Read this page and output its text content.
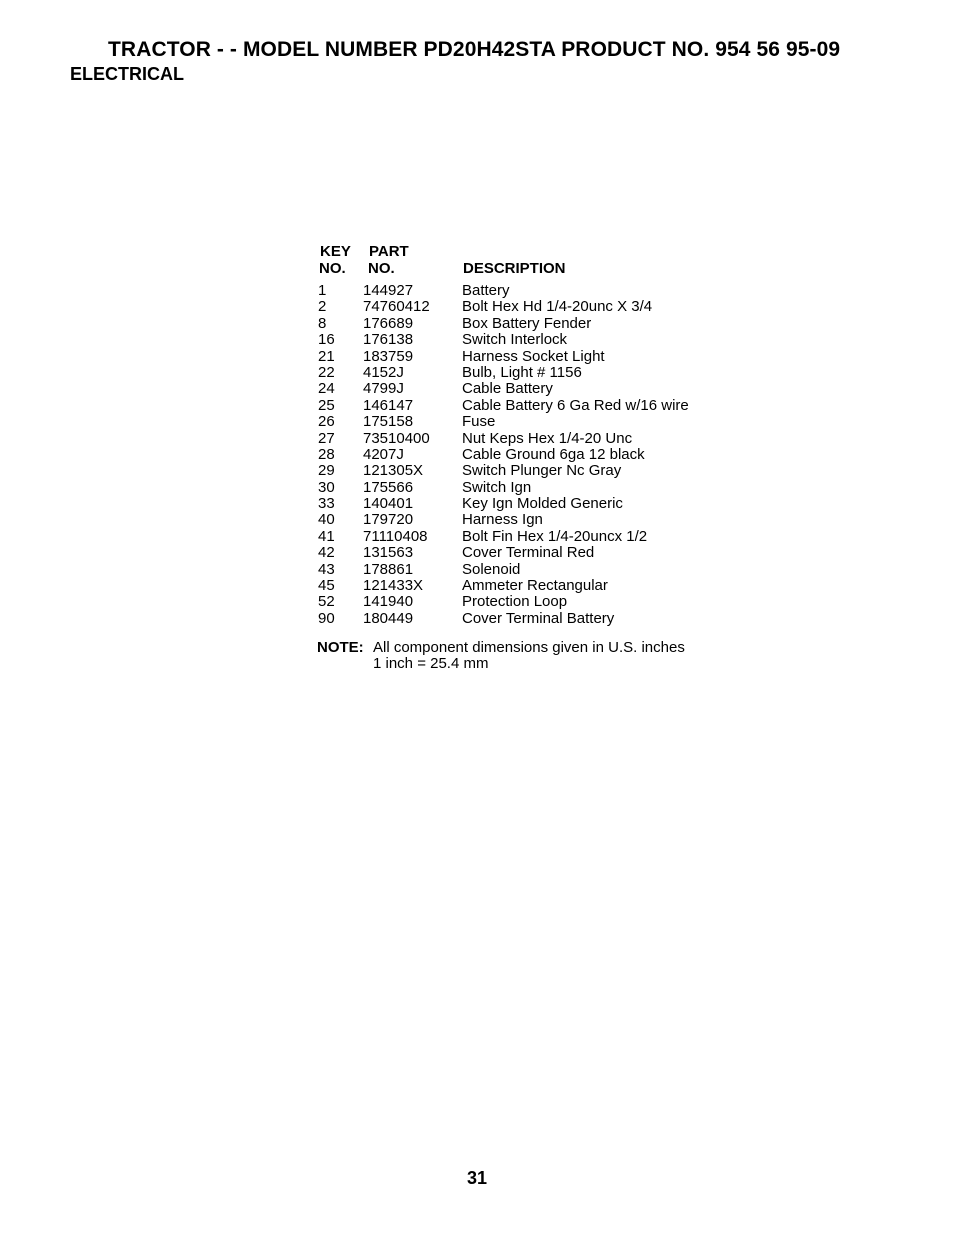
TRACTOR - - MODEL NUMBER PD20H42STA PRODUCT NO. 954 56 95-09
ELECTRICAL
KEY
NO.
PART
NO.	DESCRIPTION
1 144927	Battery
2 74760412 Bolt Hex Hd 1/4-20unc X 3/4
8 176689	Box Battery Fender
16 176138	Switch Interlock
21 183759	Harness Socket Light
22 4152J	Bulb, Light # 1156
24 4799J	Cable Battery
25 146147	Cable Battery 6 Ga Red w/16 wire
26 175158	Fuse
27 73510400 Nut Keps Hex 1/4-20 Unc
28 4207J	Cable Ground 6ga 12 black
29 121305X	Switch Plunger Nc Gray
30 175566	Switch Ign
33 140401	Key Ign Molded Generic
40 179720	Harness Ign
41 71110408 Bolt Fin Hex 1/4-20uncx 1/2
42 131563	Cover Terminal Red
43 178861	Solenoid
45 121433X	Ammeter Rectangular
52 141940	Protection Loop
90 180449	Cover Terminal Battery
NOTE: All component dimensions given in U.S. inches
1 inch = 25.4 mm
31
